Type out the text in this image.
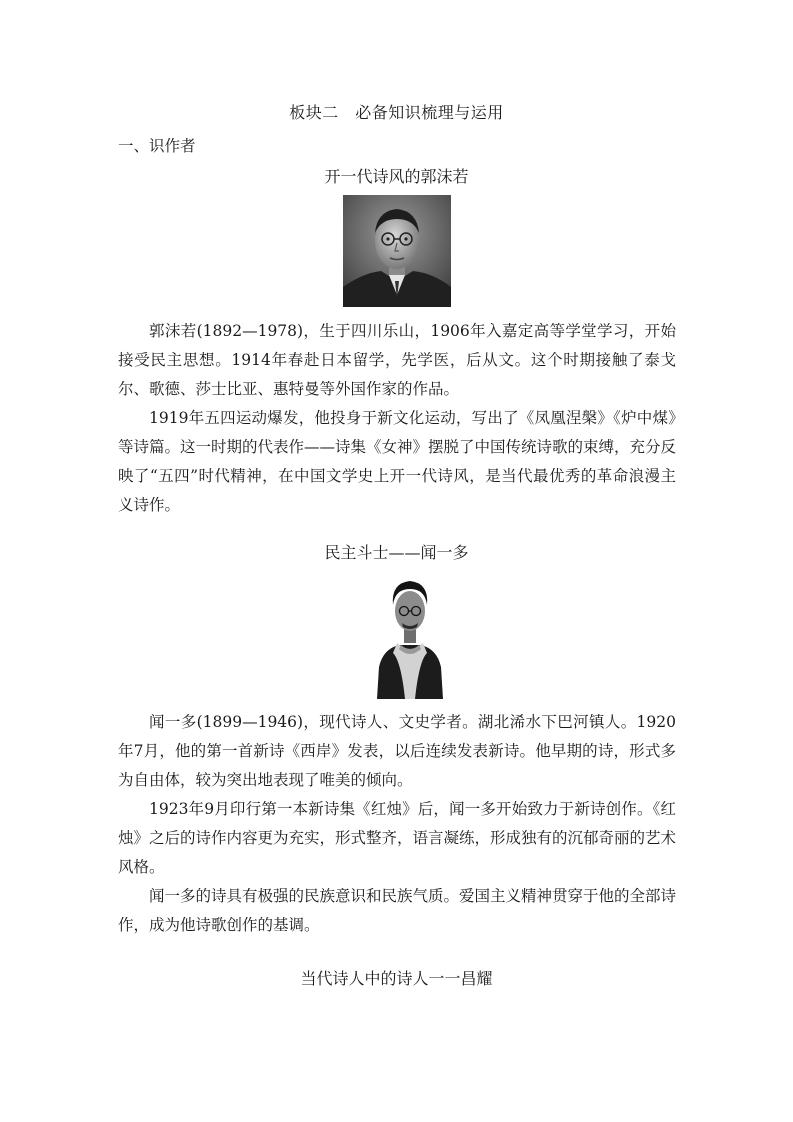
板块二　必备知识梳理与运用
一、识作者
开一代诗风的郭沫若

郭沫若(1892—1978)，生于四川乐山，1906年入嘉定高等学堂学习，开始接受民主思想。1914年春赴日本留学，先学医，后从文。这个时期接触了泰戈尔、歌德、莎士比亚、惠特曼等外国作家的作品。

1919年五四运动爆发，他投身于新文化运动，写出了《凤凰涅槃》《炉中煤》等诗篇。这一时期的代表作——诗集《女神》摆脱了中国传统诗歌的束缚，充分反映了“五四”时代精神，在中国文学史上开一代诗风，是当代最优秀的革命浪漫主义诗作。

民主斗士——闻一多

闻一多(1899—1946)，现代诗人、文史学者。湖北浠水下巴河镇人。1920年7月，他的第一首新诗《西岸》发表，以后连续发表新诗。他早期的诗，形式多为自由体，较为突出地表现了唯美的倾向。

1923年9月印行第一本新诗集《红烛》后，闻一多开始致力于新诗创作。《红烛》之后的诗作内容更为充实，形式整齐，语言凝练，形成独有的沉郁奇丽的艺术风格。

闻一多的诗具有极强的民族意识和民族气质。爱国主义精神贯穿于他的全部诗作，成为他诗歌创作的基调。

当代诗人中的诗人一一昌耀
